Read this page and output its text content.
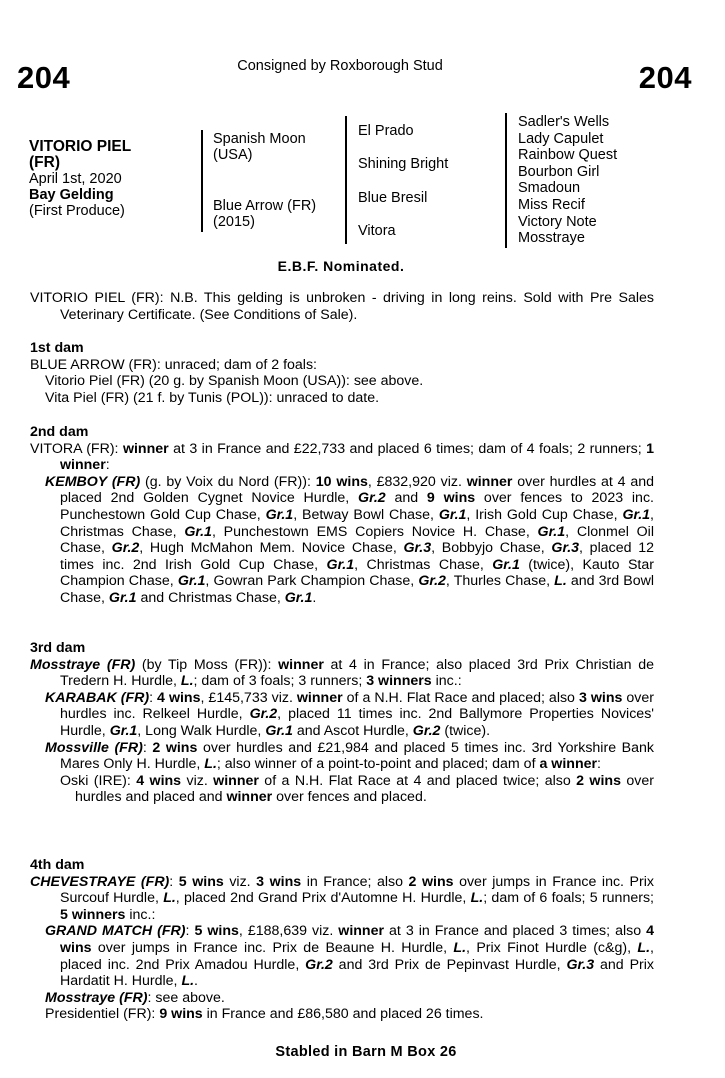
204	Consigned by Roxborough Stud	204
VITORIO PIEL
(FR)
April 1st, 2020
Bay Gelding
(First Produce)
Spanish Moon (USA)
Blue Arrow (FR)
(2015)
El Prado
Shining Bright
Blue Bresil
Vitora
Sadler's Wells
Lady Capulet
Rainbow Quest
Bourbon Girl
Smadoun
Miss Recif
Victory Note
Mosstraye
E.B.F. Nominated.

VITORIO PIEL (FR): N.B. This gelding is unbroken - driving in long reins. Sold with Pre Sales Veterinary Certificate. (See Conditions of Sale).

1st dam

BLUE ARROW (FR): unraced; dam of 2 foals:

Vitorio Piel (FR) (20 g. by Spanish Moon (USA)): see above.

Vita Piel (FR) (21 f. by Tunis (POL)): unraced to date.

2nd dam

VITORA (FR): winner at 3 in France and £22,733 and placed 6 times; dam of 4 foals; 2 runners; 1 winner:

KEMBOY (FR) (g. by Voix du Nord (FR)): 10 wins, £832,920 viz. winner over hurdles at 4 and placed 2nd Golden Cygnet Novice Hurdle, Gr.2 and 9 wins over fences to 2023 inc. Punchestown Gold Cup Chase, Gr.1, Betway Bowl Chase, Gr.1, Irish Gold Cup Chase, Gr.1, Christmas Chase, Gr.1, Punchestown EMS Copiers Novice H. Chase, Gr.1, Clonmel Oil Chase, Gr.2, Hugh McMahon Mem. Novice Chase, Gr.3, Bobbyjo Chase, Gr.3, placed 12 times inc. 2nd Irish Gold Cup Chase, Gr.1, Christmas Chase, Gr.1 (twice), Kauto Star Champion Chase, Gr.1, Gowran Park Champion Chase, Gr.2, Thurles Chase, L. and 3rd Bowl Chase, Gr.1 and Christmas Chase, Gr.1.

3rd dam

Mosstraye (FR) (by Tip Moss (FR)): winner at 4 in France; also placed 3rd Prix Christian de Tredern H. Hurdle, L.; dam of 3 foals; 3 runners; 3 winners inc.:

KARABAK (FR): 4 wins, £145,733 viz. winner of a N.H. Flat Race and placed; also 3 wins over hurdles inc. Relkeel Hurdle, Gr.2, placed 11 times inc. 2nd Ballymore Properties Novices' Hurdle, Gr.1, Long Walk Hurdle, Gr.1 and Ascot Hurdle, Gr.2 (twice).

Mossville (FR): 2 wins over hurdles and £21,984 and placed 5 times inc. 3rd Yorkshire Bank Mares Only H. Hurdle, L.; also winner of a point-to-point and placed; dam of a winner:

Oski (IRE): 4 wins viz. winner of a N.H. Flat Race at 4 and placed twice; also 2 wins over hurdles and placed and winner over fences and placed.

4th dam

CHEVESTRAYE (FR): 5 wins viz. 3 wins in France; also 2 wins over jumps in France inc. Prix Surcouf Hurdle, L., placed 2nd Grand Prix d'Automne H. Hurdle, L.; dam of 6 foals; 5 runners; 5 winners inc.:

GRAND MATCH (FR): 5 wins, £188,639 viz. winner at 3 in France and placed 3 times; also 4 wins over jumps in France inc. Prix de Beaune H. Hurdle, L., Prix Finot Hurdle (c&g), L., placed inc. 2nd Prix Amadou Hurdle, Gr.2 and 3rd Prix de Pepinvast Hurdle, Gr.3 and Prix Hardatit H. Hurdle, L..

Mosstraye (FR): see above.

Presidentiel (FR): 9 wins in France and £86,580 and placed 26 times.

Stabled in Barn M Box 26
